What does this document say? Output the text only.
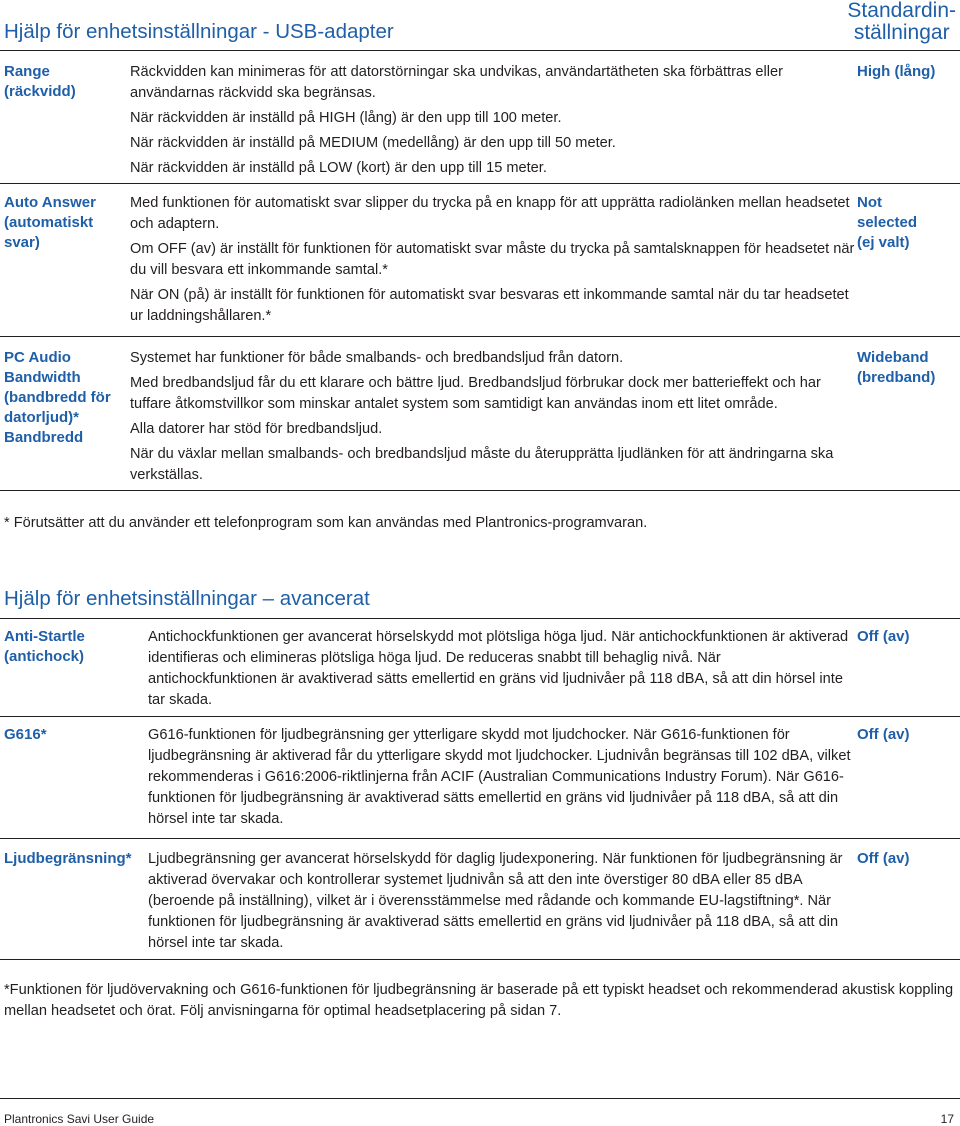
Hjälp för enhetsinställningar - USB-adapter
Standardin-
ställningar
Range
(räckvidd)

Räckvidden kan minimeras för att datorstörningar ska undvikas, användartätheten ska förbättras eller användarnas räckvidd ska begränsas.

När räckvidden är inställd på HIGH (lång) är den upp till 100 meter.

När räckvidden är inställd på MEDIUM (medellång) är den upp till 50 meter.

När räckvidden är inställd på LOW (kort) är den upp till 15 meter.

High (lång)
Auto Answer
(automatiskt
svar)

Med funktionen för automatiskt svar slipper du trycka på en knapp för att upprätta radiolänken mellan headsetet och adaptern.

Om OFF (av) är inställt för funktionen för automatiskt svar måste du trycka på samtalsknappen för headsetet när du vill besvara ett inkommande samtal.*

När ON (på) är inställt för funktionen för automatiskt svar besvaras ett inkommande samtal när du tar headsetet ur laddningshållaren.*

Not
selected
(ej valt)
PC Audio
Bandwidth
(bandbredd för
datorljud)*
Bandbredd

Systemet har funktioner för både smalbands- och bredbandsljud från datorn.

Med bredbandsljud får du ett klarare och bättre ljud. Bredbandsljud förbrukar dock mer batterieffekt och har tuffare åtkomstvillkor som minskar antalet system som samtidigt kan användas inom ett litet område.

Alla datorer har stöd för bredbandsljud.

När du växlar mellan smalbands- och bredbandsljud måste du återupprätta ljudlänken för att ändringarna ska verkställas.

Wideband
(bredband)
* Förutsätter att du använder ett telefonprogram som kan användas med Plantronics-programvaran.
Hjälp för enhetsinställningar – avancerat
Anti-Startle
(antichock)
Antichockfunktionen ger avancerat hörselskydd mot plötsliga höga ljud. När antichockfunktionen är aktiverad identifieras och elimineras plötsliga höga ljud. De reduceras snabbt till behaglig nivå. När antichockfunktionen är avaktiverad sätts emellertid en gräns vid ljudnivåer på 118 dBA, så att din hörsel inte tar skada.
Off (av)
G616*	G616-funktionen för ljudbegränsning ger ytterligare skydd mot ljudchocker. När G616-funktionen för ljudbegränsning är aktiverad får du ytterligare skydd mot ljudchocker. Ljudnivån begränsas till 102 dBA, vilket rekommenderas i G616:2006-riktlinjerna från ACIF (Australian Communications Industry Forum). När G616-funktionen för ljudbegränsning är avaktiverad sätts emellertid en gräns vid ljudnivåer på 118 dBA, så att din hörsel inte tar skada.
Off (av)
Ljudbegränsning* Ljudbegränsning ger avancerat hörselskydd för daglig ljudexponering. När funktionen för ljudbegränsning är aktiverad övervakar och kontrollerar systemet ljudnivån så att den inte överstiger 80 dBA eller 85 dBA (beroende på inställning), vilket är i överensstämmelse med rådande och kommande EU-lagstiftning*. När funktionen för ljudbegränsning är avaktiverad sätts emellertid en gräns vid ljudnivåer på 118 dBA, så att din hörsel inte tar skada.
Off (av)
*Funktionen för ljudövervakning och G616-funktionen för ljudbegränsning är baserade på ett typiskt headset och rekommenderad akustisk koppling mellan headsetet och örat. Följ anvisningarna för optimal headsetplacering på sidan 7.
Plantronics Savi User Guide	17
